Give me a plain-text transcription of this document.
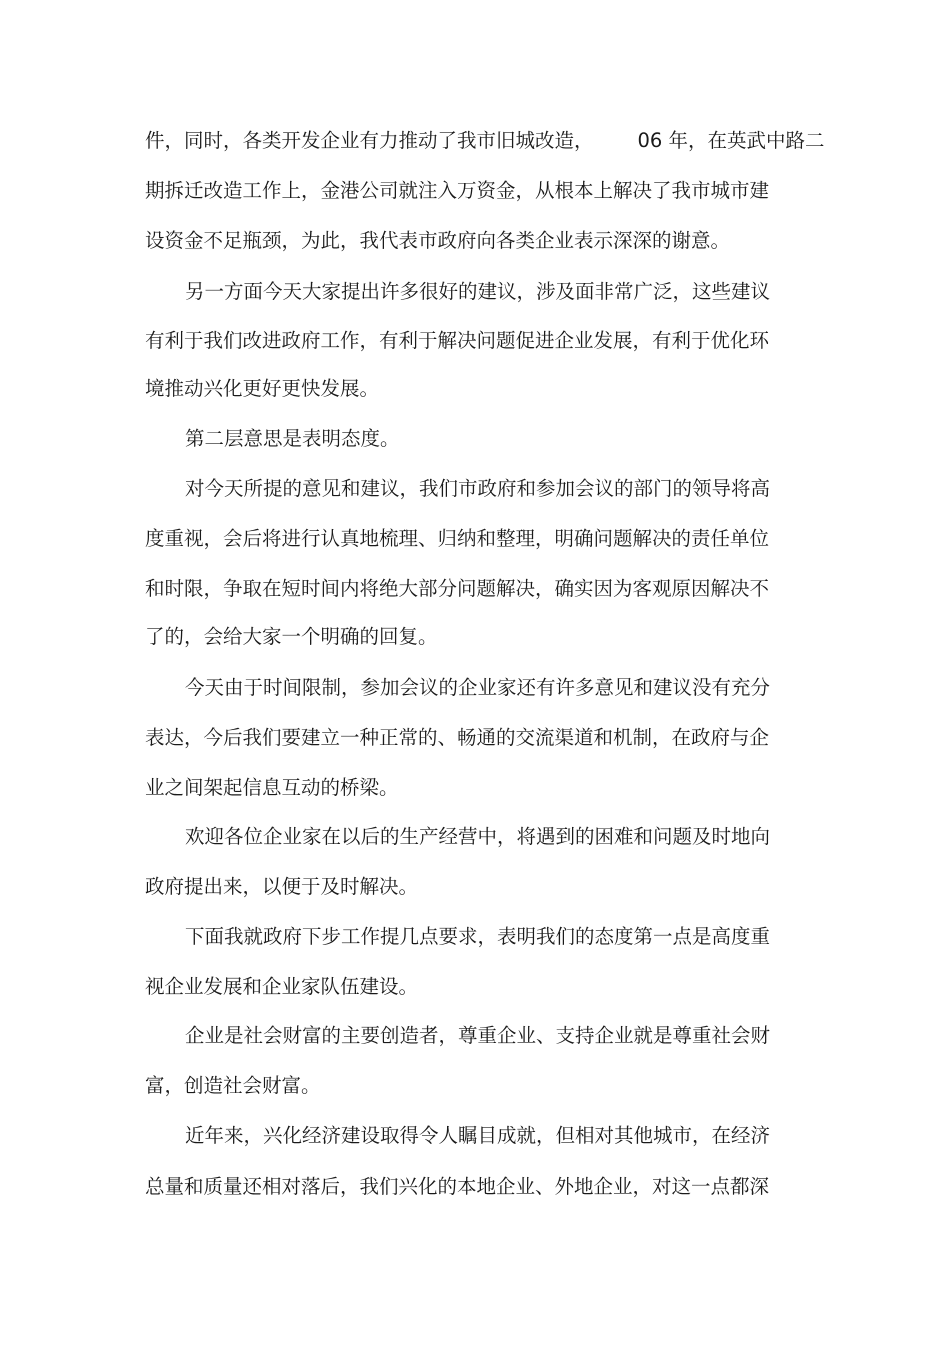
件，同时，各类开发企业有力推动了我市旧城改造， 06 年，在英武中路二
期拆迁改造工作上，金港公司就注入万资金，从根本上解决了我市城市建
设资金不足瓶颈，为此，我代表市政府向各类企业表示深深的谢意。
另一方面今天大家提出许多很好的建议，涉及面非常广泛，这些建议
有利于我们改进政府工作，有利于解决问题促进企业发展，有利于优化环
境推动兴化更好更快发展。
第二层意思是表明态度。
对今天所提的意见和建议，我们市政府和参加会议的部门的领导将高
度重视，会后将进行认真地梳理、归纳和整理，明确问题解决的责任单位
和时限，争取在短时间内将绝大部分问题解决，确实因为客观原因解决不
了的，会给大家一个明确的回复。
今天由于时间限制，参加会议的企业家还有许多意见和建议没有充分
表达，今后我们要建立一种正常的、畅通的交流渠道和机制，在政府与企
业之间架起信息互动的桥梁。
欢迎各位企业家在以后的生产经营中，将遇到的困难和问题及时地向
政府提出来，以便于及时解决。
下面我就政府下步工作提几点要求，表明我们的态度第一点是高度重
视企业发展和企业家队伍建设。
企业是社会财富的主要创造者，尊重企业、支持企业就是尊重社会财
富，创造社会财富。
近年来，兴化经济建设取得令人瞩目成就，但相对其他城市，在经济
总量和质量还相对落后，我们兴化的本地企业、外地企业，对这一点都深
